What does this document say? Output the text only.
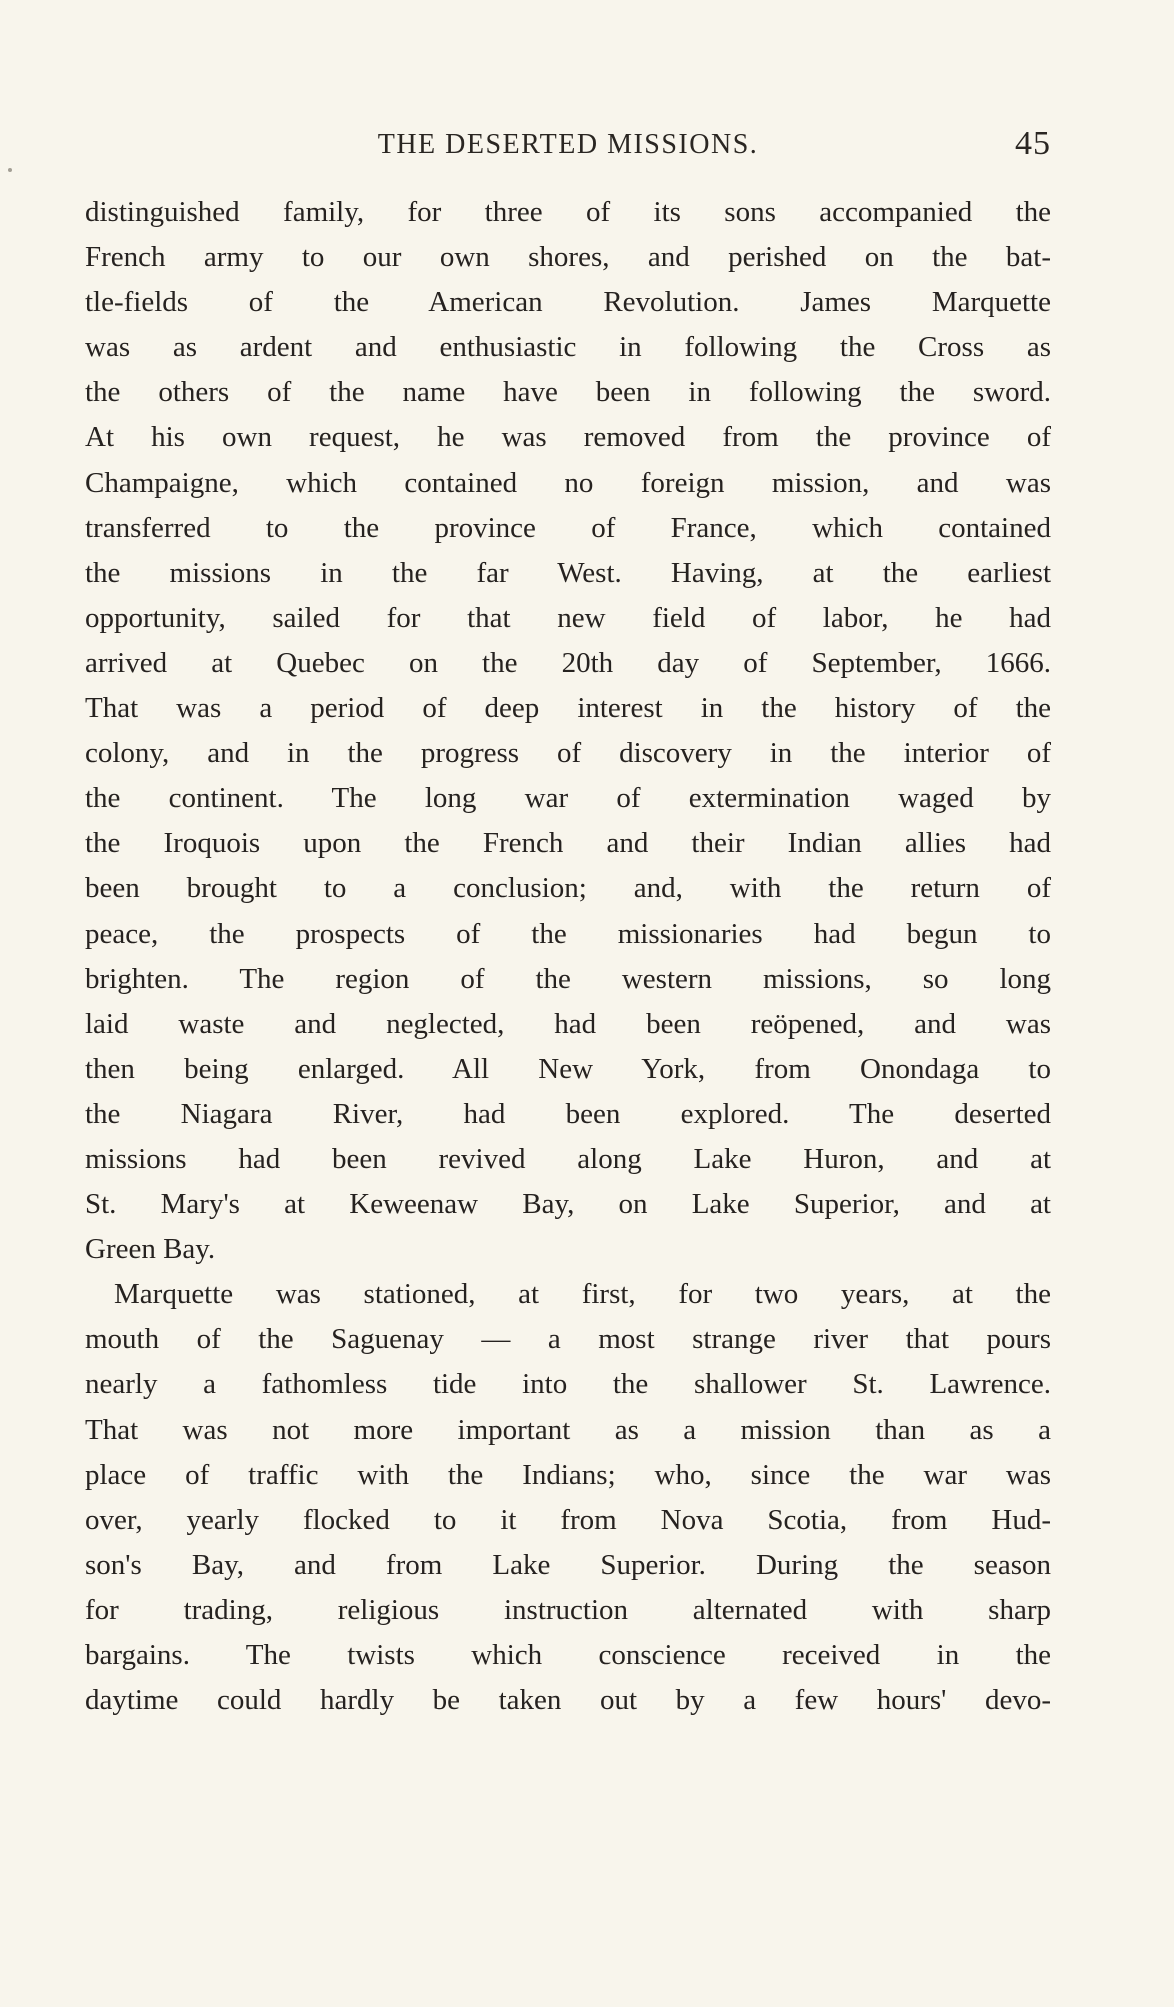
THE DESERTED MISSIONS.	45
distinguished family, for three of its sons accompanied the
French army to our own shores, and perished on the bat-
tle-fields of the American Revolution. James Marquette
was as ardent and enthusiastic in following the Cross as
the others of the name have been in following the sword.
At his own request, he was removed from the province of
Champaigne, which contained no foreign mission, and was
transferred to the province of France, which contained
the missions in the far West. Having, at the earliest
opportunity, sailed for that new field of labor, he had
arrived at Quebec on the 20th day of September, 1666.
That was a period of deep interest in the history of the
colony, and in the progress of discovery in the interior of
the continent. The long war of extermination waged by
the Iroquois upon the French and their Indian allies had
been brought to a conclusion; and, with the return of
peace, the prospects of the missionaries had begun to
brighten. The region of the western missions, so long
laid waste and neglected, had been reöpened, and was
then being enlarged. All New York, from Onondaga to
the Niagara River, had been explored. The deserted
missions had been revived along Lake Huron, and at
St. Mary's at Keweenaw Bay, on Lake Superior, and at
Green Bay.
Marquette was stationed, at first, for two years, at the
mouth of the Saguenay — a most strange river that pours
nearly a fathomless tide into the shallower St. Lawrence.
That was not more important as a mission than as a
place of traffic with the Indians; who, since the war was
over, yearly flocked to it from Nova Scotia, from Hud-
son's Bay, and from Lake Superior. During the season
for trading, religious instruction alternated with sharp
bargains. The twists which conscience received in the
daytime could hardly be taken out by a few hours' devo-
